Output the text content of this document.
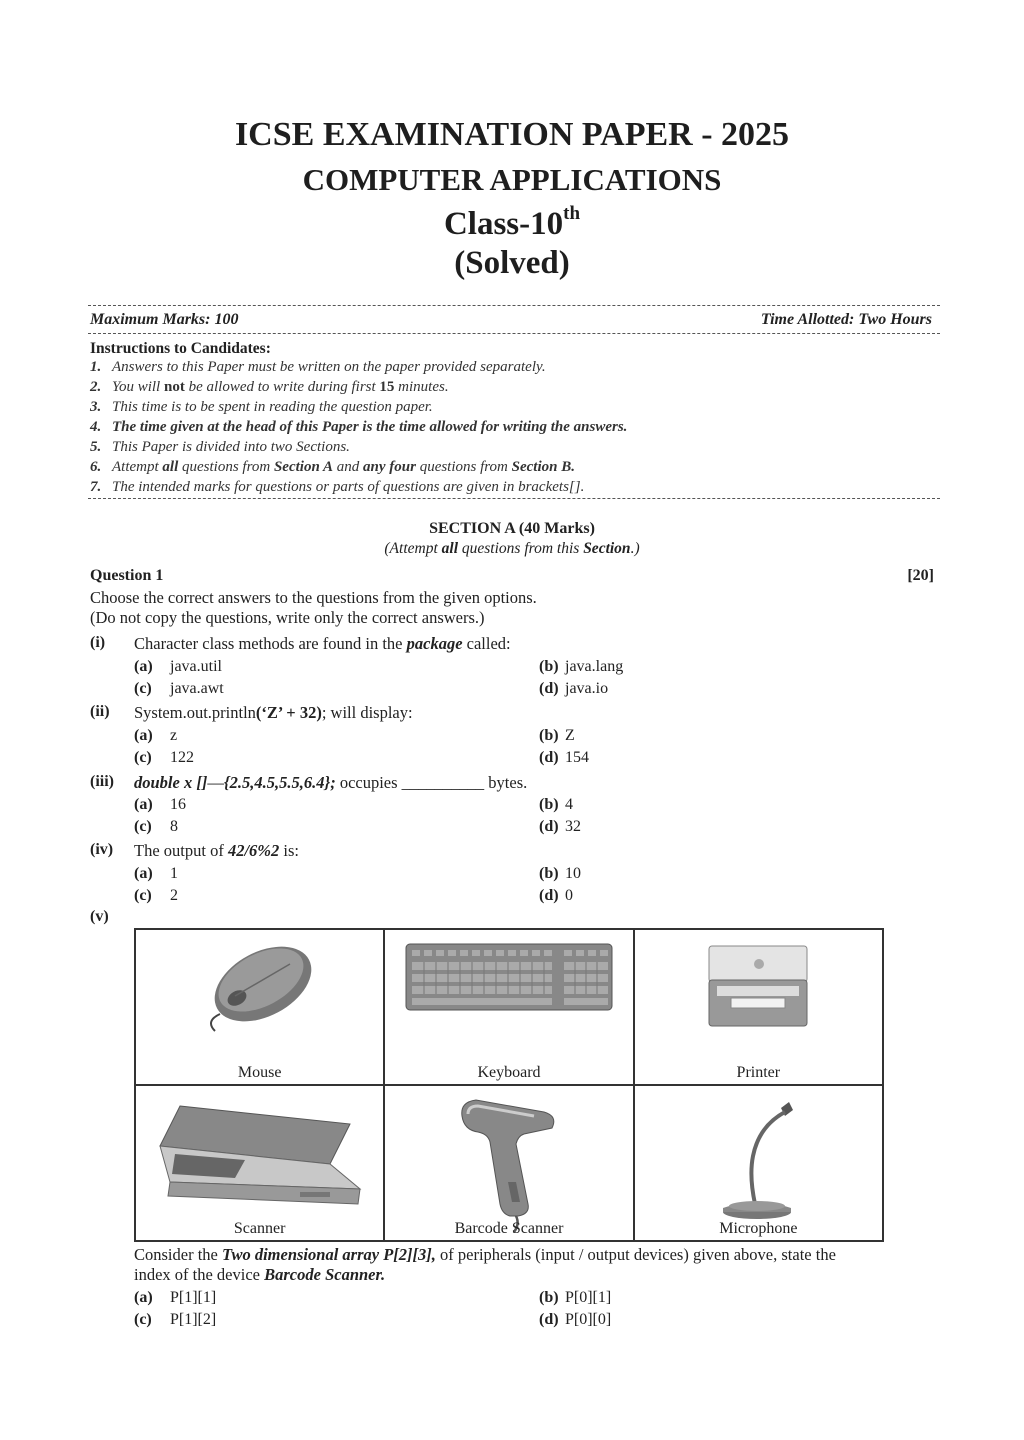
ICSE EXAMINATION PAPER - 2025
COMPUTER APPLICATIONS
Class-10th
(Solved)
Maximum Marks: 100	Time Allotted: Two Hours
Instructions to Candidates:
1. Answers to this Paper must be written on the paper provided separately.
2. You will not be allowed to write during first 15 minutes.
3. This time is to be spent in reading the question paper.
4. The time given at the head of this Paper is the time allowed for writing the answers.
5. This Paper is divided into two Sections.
6. Attempt all questions from Section A and any four questions from Section B.
7. The intended marks for questions or parts of questions are given in brackets[].
SECTION A (40 Marks)
(Attempt all questions from this Section.)
Question 1	[20]
Choose the correct answers to the questions from the given options.
(Do not copy the questions, write only the correct answers.)
(i) Character class methods are found in the package called:
(a) java.util	(b) java.lang
(c) java.awt	(d) java.io
(ii) System.out.println(‘Z’ + 32); will display:
(a) z	(b) Z
(c) 122	(d) 154
(iii) double x []—{2.5,4.5,5.5,6.4}; occupies __________ bytes.
(a) 16	(b) 4
(c) 8	(d) 32
(iv) The output of 42/6%2 is:
(a) 1	(b) 10
(c) 2	(d) 0
(v)
Mouse	Keyboard	Printer
Scanner	Barcode Scanner	Microphone
Consider the Two dimensional array P[2][3], of peripherals (input / output devices) given above, state the
index of the device Barcode Scanner.
(a) P[1][1]	(b) P[0][1]
(c) P[1][2]	(d) P[0][0]
